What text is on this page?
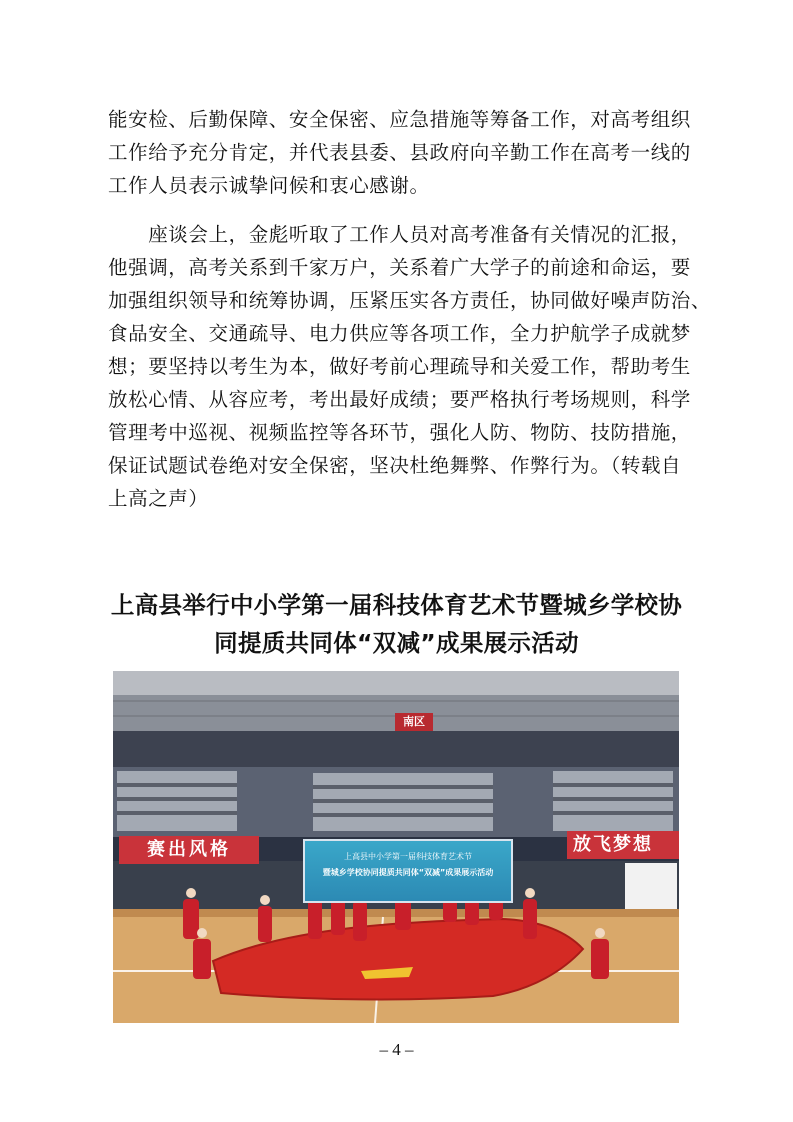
能安检、后勤保障、安全保密、应急措施等筹备工作，对高考组织
工作给予充分肯定，并代表县委、县政府向辛勤工作在高考一线的
工作人员表示诚挚问候和衷心感谢。
　　座谈会上，金彪听取了工作人员对高考准备有关情况的汇报，
他强调，高考关系到千家万户，关系着广大学子的前途和命运，要
加强组织领导和统筹协调，压紧压实各方责任，协同做好噪声防治、
食品安全、交通疏导、电力供应等各项工作，全力护航学子成就梦
想；要坚持以考生为本，做好考前心理疏导和关爱工作，帮助考生
放松心情、从容应考，考出最好成绩；要严格执行考场规则，科学
管理考中巡视、视频监控等各环节，强化人防、物防、技防措施，
保证试题试卷绝对安全保密，坚决杜绝舞弊、作弊行为。（转载自
上高之声）
上高县举行中小学第一届科技体育艺术节暨城乡学校协
同提质共同体“双减”成果展示活动
南区
赛出风格	放飞梦想
上高县中小学第一届科技体育艺术节
暨城乡学校协同提质共同体“双减”成果展示活动
– 4 –
